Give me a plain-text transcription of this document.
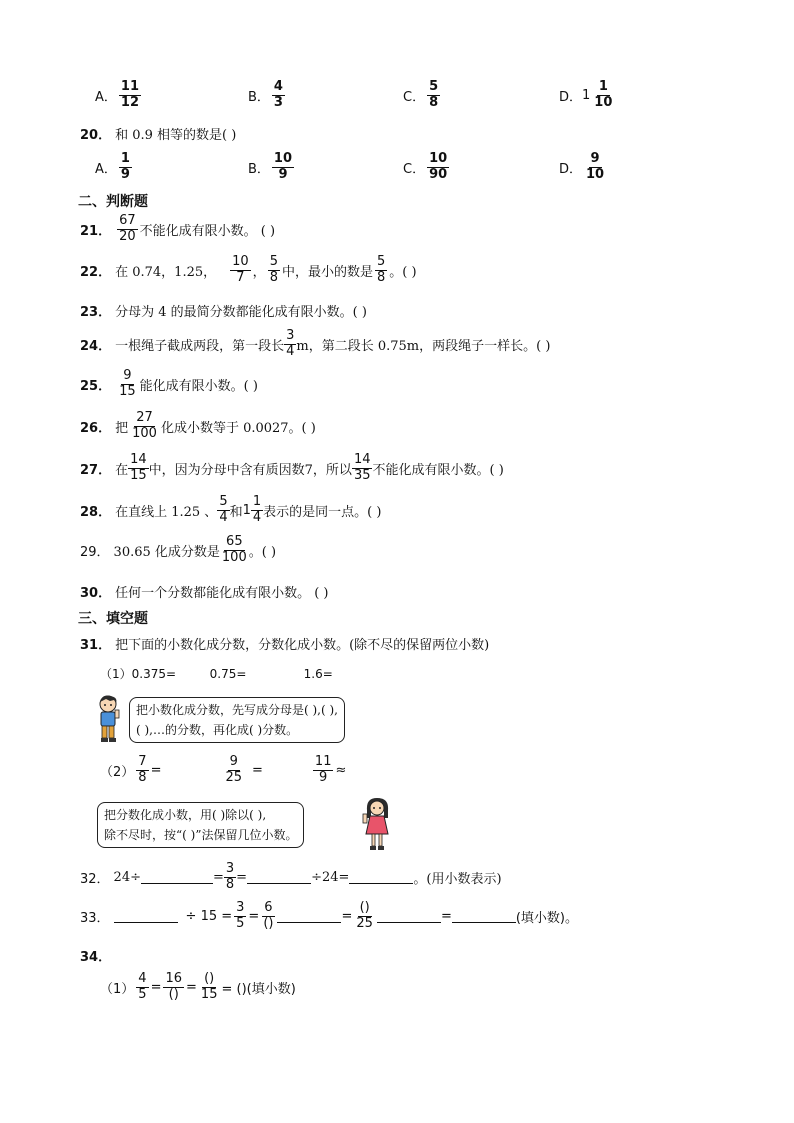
A． $\frac{11}{12}$	B． $\frac{4}{3}$	C． $\frac{5}{8}$	D． $1 \frac{1}{10}$
20． 和 0.9 相等的数是( )
A． $\frac{1}{9}$	B． $\frac{10}{9}$	C． $\frac{10}{90}$	D． $\frac{9}{10}$
二、判断题
21． $\frac{67}{20}$ 不能化成有限小数。 ( )
22． 在 0.74，1.25， $\frac{10}{7}$ ， $\frac{5}{8}$ 中，最小的数是 $\frac{5}{8}$ 。( )
23． 分母为 4 的最简分数都能化成有限小数。( )
24． 一根绳子截成两段，第一段长 $\frac{3}{4}$ m，第二段长 0.75m，两段绳子一样长。( )
25． $\frac{9}{15}$ 能化成有限小数。( )
26． 把 $\frac{27}{100}$ 化成小数等于 0.0027。( )
27． 在 $\frac{14}{15}$ 中，因为分母中含有质因数7，所以 $\frac{14}{35}$ 不能化成有限小数。( )
28． 在直线上 1.25 、 $\frac{5}{4}$ 和 $1 \frac{1}{4}$ 表示的是同一点。( )
29． 30.65 化成分数是 $\frac{65}{100}$ 。( )
30． 任何一个分数都能化成有限小数。 ( )
三、填空题
31． 把下面的小数化成分数，分数化成小数。(除不尽的保留两位小数)
（1） 0.375=	0.75=	1.6=
把小数化成分数，先写成分母是( ),( ),
( ),…的分数，再化成( )分数。
$(2) \frac{7}{8}$ =	$\frac{9}{25}$ =	$\frac{11}{9}$ ≈
把分数化成小数，用( )除以( ),
除不尽时，按“( )”法保留几位小数。
32． 24÷	= $\frac{3}{8}$ =	÷24=	。(用小数表示)
33．	÷ $15 = \frac{3}{5} = \frac{6}{()}$	= $\frac{()}{25}$	=	(填小数)。
34．
$(1) \frac{4}{5} = \frac{16}{()} = \frac{()}{15}$ = ()(填小数)
